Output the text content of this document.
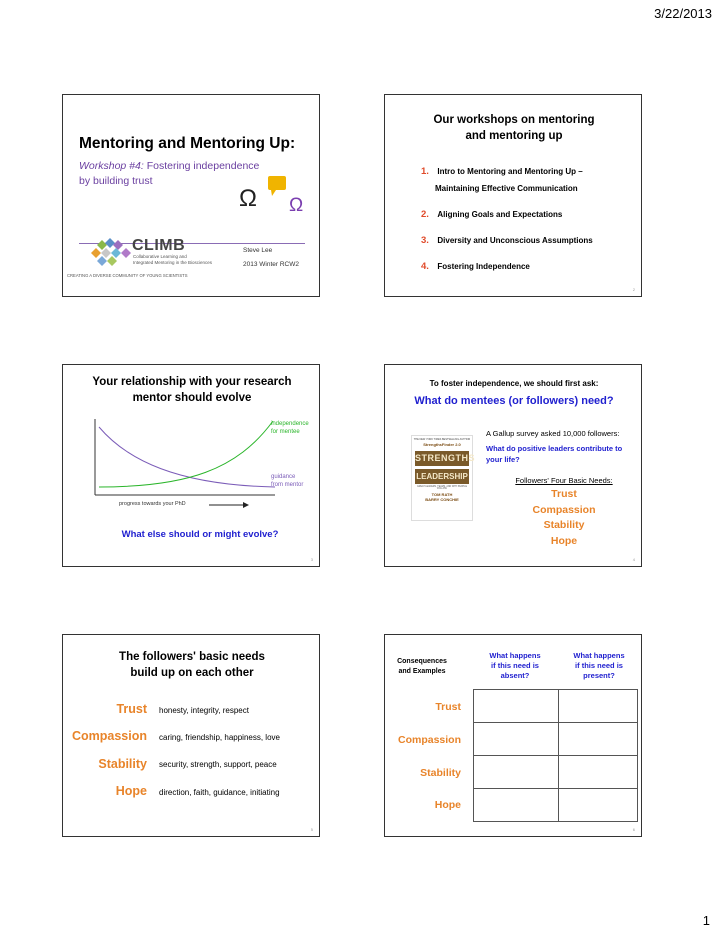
3/22/2013
1
Mentoring and Mentoring Up:
Workshop #4: Fostering independence
by building trust
Ω Ω
CLIMB
Collaborative Learning and
Integrated Mentoring in the Biosciences
CREATING A DIVERSE COMMUNITY OF YOUNG SCIENTISTS
Steve Lee
2013 Winter RCW2
Our workshops on mentoring
and mentoring up
1. Intro to Mentoring and Mentoring Up –
Maintaining Effective Communication
2. Aligning Goals and Expectations
3. Diversity and Unconscious Assumptions
4. Fostering Independence
2
Your relationship with your research
mentor should evolve
independence
for mentee
guidance
from mentor
progress towards your PhD
What else should or might evolve?
3
To foster independence, we should first ask:
What do mentees (or followers) need?
THE NEW YORK TIMES BESTSELLING AUTHOR
StrengthsFinder 2.0
STRENGTHS
LEADERSHIP
GREAT LEADERS, TEAMS, AND WHY PEOPLE FOLLOW
TOM RATH
BARRY CONCHIE
A Gallup survey asked 10,000 followers:
What do positive leaders contribute to
your life?
Followers' Four Basic Needs:
Trust
Compassion
Stability
Hope
4
The followers' basic needs
build up on each other
Trust honesty, integrity, respect
Compassion caring, friendship, happiness, love
Stability security, strength, support, peace
Hope direction, faith, guidance, initiating
5
Consequences
and Examples
What happens
if this need is
absent?
What happens
if this need is
present?
Trust
Compassion
Stability
Hope
6
